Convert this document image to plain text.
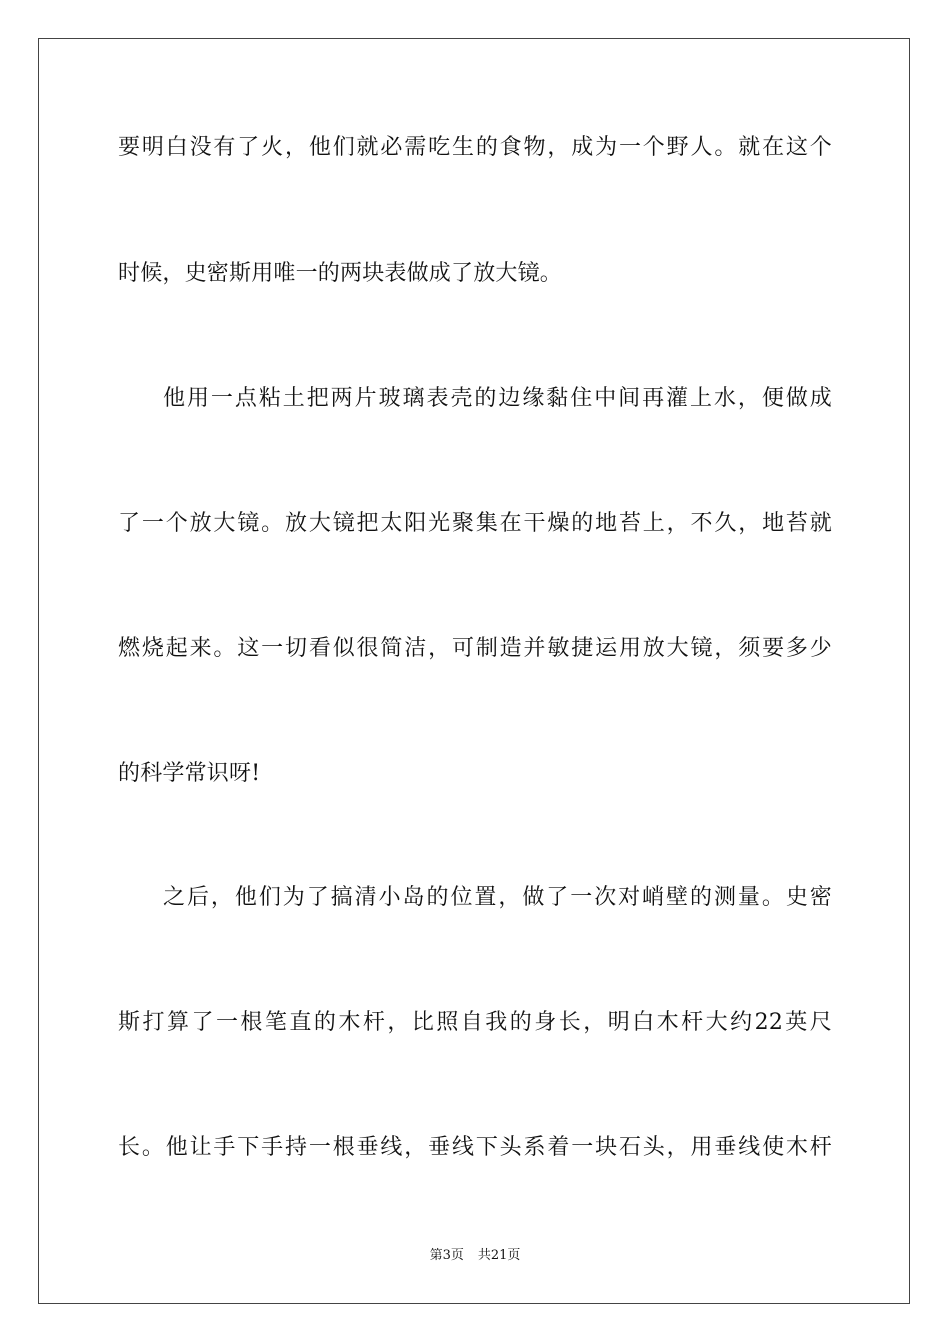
要明白没有了火，他们就必需吃生的食物，成为一个野人。就在这个
时候，史密斯用唯一的两块表做成了放大镜。
他用一点粘土把两片玻璃表壳的边缘黏住中间再灌上水，便做成
了一个放大镜。放大镜把太阳光聚集在干燥的地苔上，不久，地苔就
燃烧起来。这一切看似很简洁，可制造并敏捷运用放大镜，须要多少
的科学常识呀!
之后，他们为了搞清小岛的位置，做了一次对峭壁的测量。史密
斯打算了一根笔直的木杆，比照自我的身长，明白木杆大约22英尺
长。他让手下手持一根垂线，垂线下头系着一块石头，用垂线使木杆
第3页 共21页
